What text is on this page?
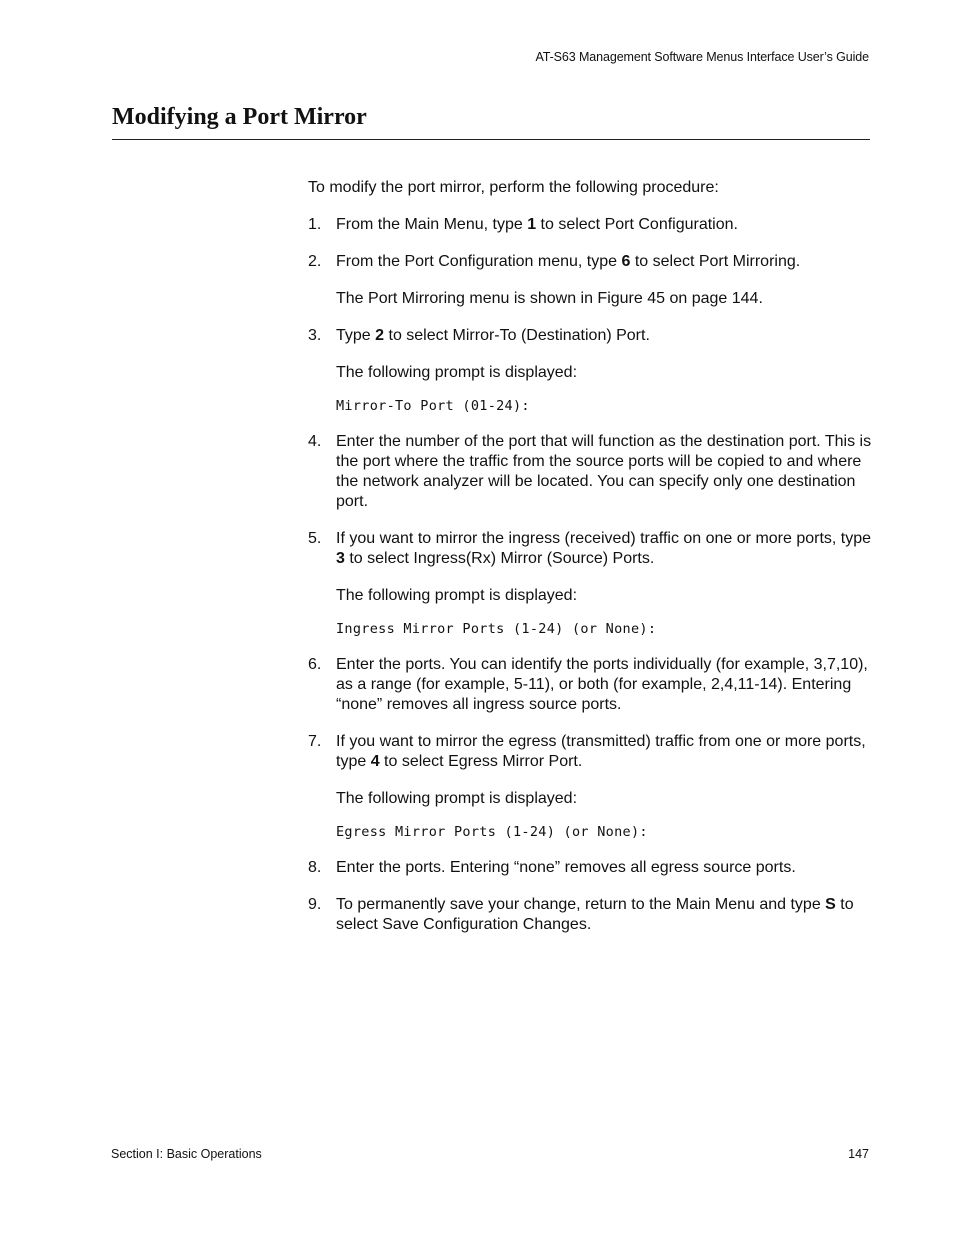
AT-S63 Management Software Menus Interface User’s Guide
Modifying a Port Mirror

To modify the port mirror, perform the following procedure:

1. From the Main Menu, type 1 to select Port Configuration.
2. From the Port Configuration menu, type 6 to select Port Mirroring.

The Port Mirroring menu is shown in Figure 45 on page 144.

3. Type 2 to select Mirror-To (Destination) Port.

The following prompt is displayed:

Mirror-To Port (01-24):

4. Enter the number of the port that will function as the destination port. This is the port where the traffic from the source ports will be copied to and where the network analyzer will be located. You can specify only one destination port.
5. If you want to mirror the ingress (received) traffic on one or more ports, type 3 to select Ingress(Rx) Mirror (Source) Ports.

The following prompt is displayed:

Ingress Mirror Ports (1-24) (or None):

6. Enter the ports. You can identify the ports individually (for example, 3,7,10), as a range (for example, 5-11), or both (for example, 2,4,11-14). Entering “none” removes all ingress source ports.
7. If you want to mirror the egress (transmitted) traffic from one or more ports, type 4 to select Egress Mirror Port.

The following prompt is displayed:

Egress Mirror Ports (1-24) (or None):

8. Enter the ports. Entering “none” removes all egress source ports.
9. To permanently save your change, return to the Main Menu and type S to select Save Configuration Changes.
Section I: Basic Operations	147
